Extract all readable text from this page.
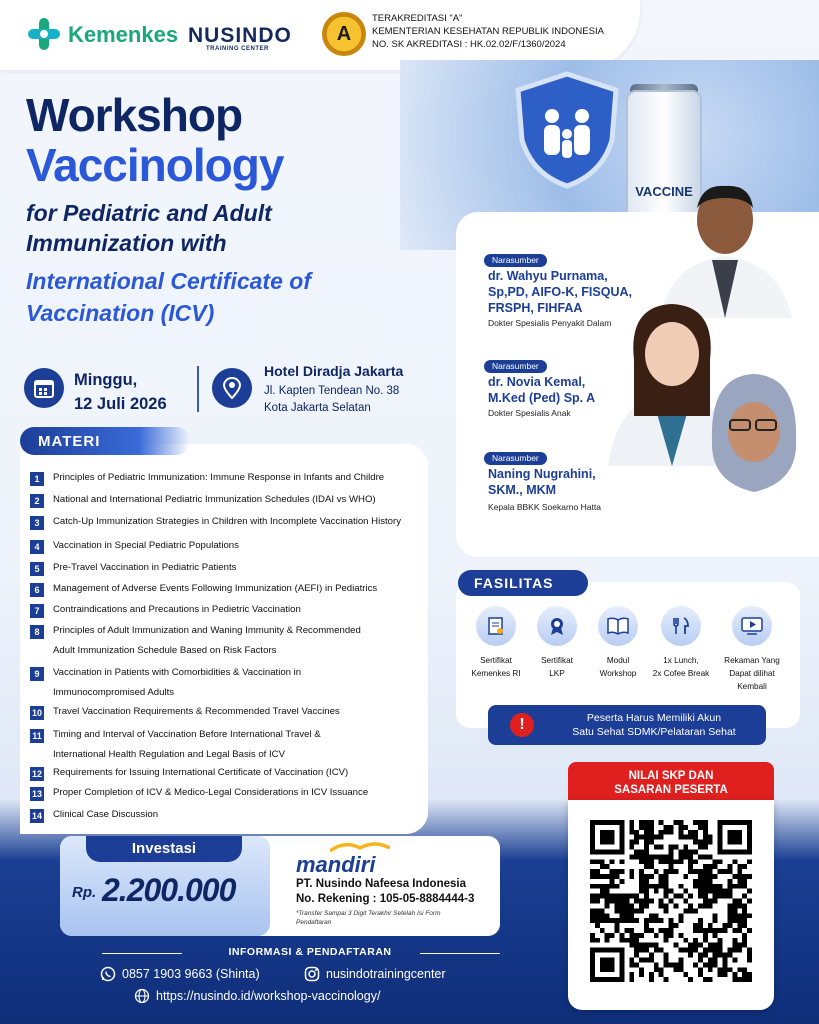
Kemenkes NUSINDO
TRAINING CENTER
A
TERAKREDITASI "A"
KEMENTERIAN KESEHATAN REPUBLIK INDONESIA
NO. SK AKREDITASI : HK.02.02/F/1360/2024
VACCINE
Workshop
Vaccinology
for Pediatric and Adult Immunization with
International Certificate of Vaccination (ICV)
Minggu,
12 Juli 2026
Hotel Diradja Jakarta
Jl. Kapten Tendean No. 38
Kota Jakarta Selatan
MATERI
1	Principles of Pediatric Immunization: Immune Response in Infants and Childre
2	National and International Pediatric Immunization Schedules (IDAI vs WHO)
3	Catch-Up Immunization Strategies in Children with Incomplete Vaccination History
4	Vaccination in Special Pediatric Populations
5	Pre-Travel Vaccination in Pediatric Patients
6	Management of Adverse Events Following Immunization (AEFI) in Pediatrics
7	Contraindications and Precautions in Pedietric Vaccination
8	Principles of Adult Immunization and Waning Immunity & Recommended
Adult Immunization Schedule Based on Risk Factors
9	Vaccination in Patients with Comorbidities & Vaccination in
Immunocompromised Adults
10 Travel Vaccination Requirements & Recommended Travel Vaccines
11 Timing and Interval of Vaccination Before International Travel &
International Health Regulation and Legal Basis of ICV
12 Requirements for Issuing International Certificate of Vaccination (ICV)
13 Proper Completion of ICV & Medico-Legal Considerations in ICV Issuance
14 Clinical Case Discussion
Narasumber
dr. Wahyu Purnama,
Sp,PD, AIFO-K, FISQUA,
FRSPH, FIHFAA
Dokter Spesialis Penyakit Dalam
Narasumber
dr. Novia Kemal,
M.Ked (Ped) Sp. A
Dokter Spesialis Anak
Narasumber
Naning Nugrahini,
SKM., MKM
Kepala BBKK Soekarno Hatta
FASILITAS
Sertifikat
Kemenkes RI
Sertifikat
LKP
Modul
Workshop
1x Lunch,
2x Cofee Break
Rekaman Yang
Dapat dilihat
Kembali
!	Peserta Harus Memiliki Akun
Satu Sehat SDMK/Pelataran Sehat
NILAI SKP DAN
SASARAN PESERTA
Investasi
Rp. 2.200.000
mandiri
PT. Nusindo Nafeesa Indonesia
No. Rekening : 105-05-8884444-3
*Transfer Sampai 3 Digit Terakhir Setelah Isi Form Pendaftaran
INFORMASI & PENDAFTARAN
0857 1903 9663 (Shinta)	nusindotrainingcenter
https://nusindo.id/workshop-vaccinology/
